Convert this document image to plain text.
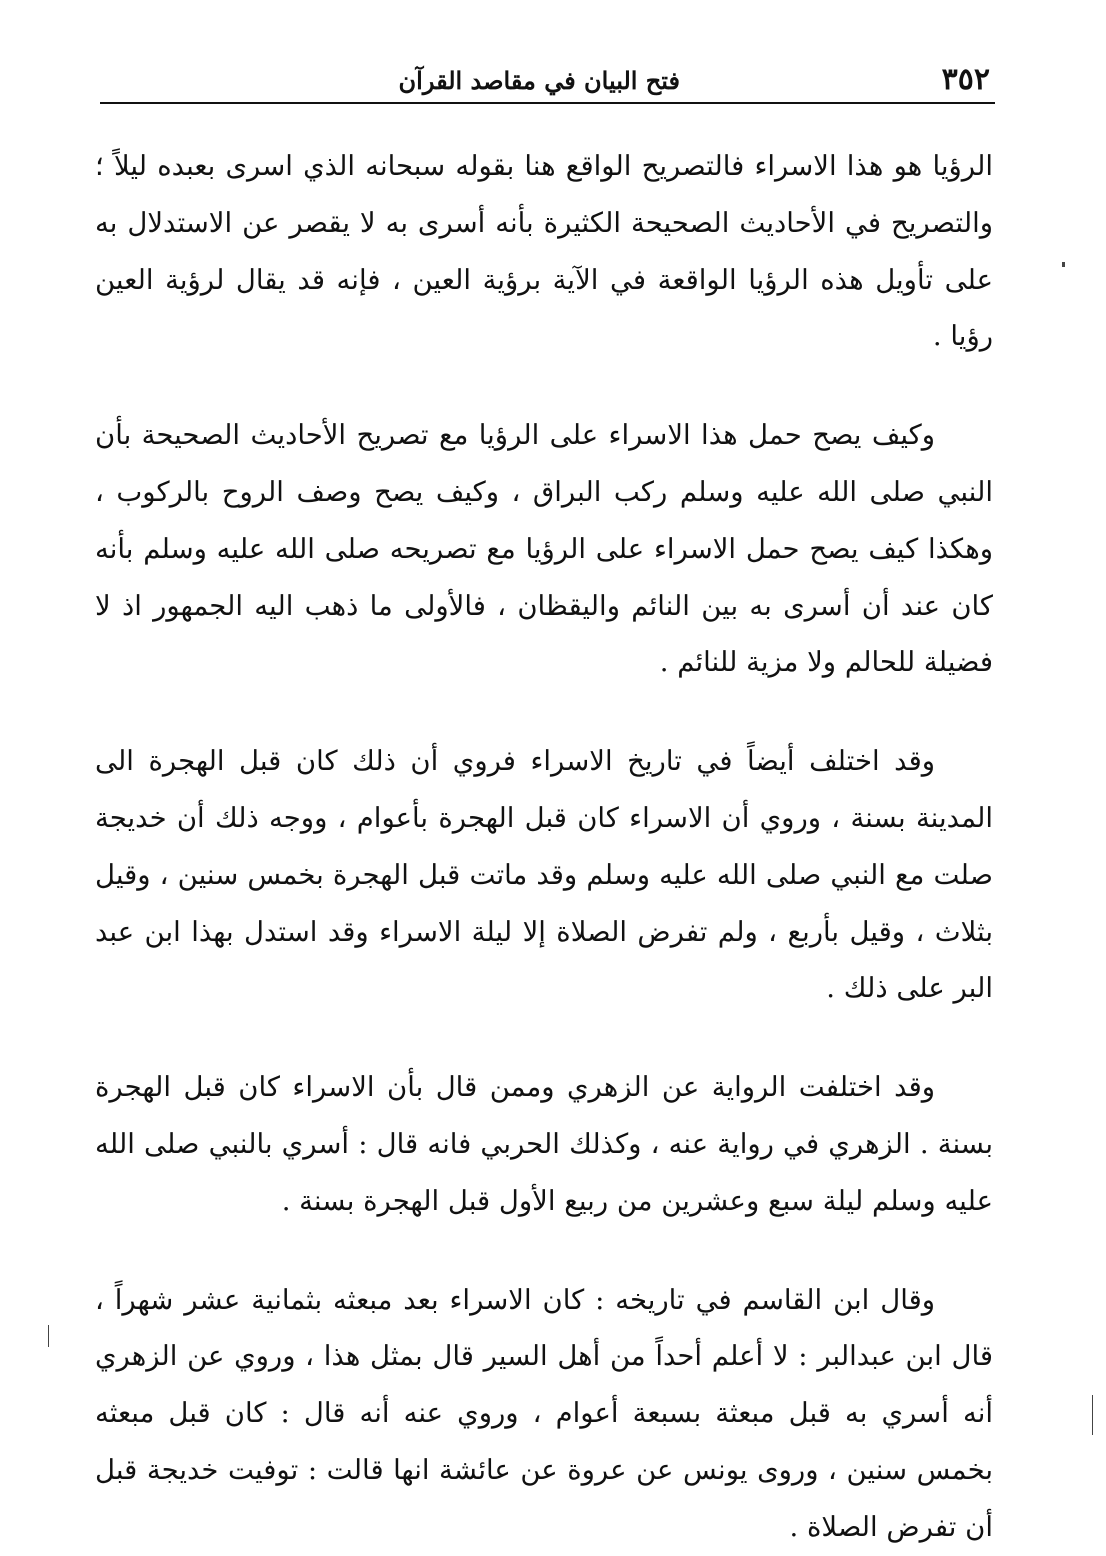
٣٥٢
فتح البيان في مقاصد القرآن

الرؤيا هو هذا الاسراء فالتصريح الواقع هنا بقوله سبحانه الذي اسرى بعبده ليلاً ؛ والتصريح في الأحاديث الصحيحة الكثيرة بأنه أسرى به لا يقصر عن الاستدلال به على تأويل هذه الرؤيا الواقعة في الآية برؤية العين ، فإنه قد يقال لرؤية العين رؤيا .

وكيف يصح حمل هذا الاسراء على الرؤيا مع تصريح الأحاديث الصحيحة بأن النبي صلى الله عليه وسلم ركب البراق ، وكيف يصح وصف الروح بالركوب ، وهكذا كيف يصح حمل الاسراء على الرؤيا مع تصريحه صلى الله عليه وسلم بأنه كان عند أن أسرى به بين النائم واليقظان ، فالأولى ما ذهب اليه الجمهور اذ لا فضيلة للحالم ولا مزية للنائم .

وقد اختلف أيضاً في تاريخ الاسراء فروي أن ذلك كان قبل الهجرة الى المدينة بسنة ، وروي أن الاسراء كان قبل الهجرة بأعوام ، ووجه ذلك أن خديجة صلت مع النبي صلى الله عليه وسلم وقد ماتت قبل الهجرة بخمس سنين ، وقيل بثلاث ، وقيل بأربع ، ولم تفرض الصلاة إلا ليلة الاسراء وقد استدل بهذا ابن عبد البر على ذلك .

وقد اختلفت الرواية عن الزهري وممن قال بأن الاسراء كان قبل الهجرة بسنة . الزهري في رواية عنه ، وكذلك الحربي فانه قال : أسري بالنبي صلى الله عليه وسلم ليلة سبع وعشرين من ربيع الأول قبل الهجرة بسنة .

وقال ابن القاسم في تاريخه : كان الاسراء بعد مبعثه بثمانية عشر شهراً ، قال ابن عبدالبر : لا أعلم أحداً من أهل السير قال بمثل هذا ، وروي عن الزهري أنه أسري به قبل مبعثة بسبعة أعوام ، وروي عنه أنه قال : كان قبل مبعثه بخمس سنين ، وروى يونس عن عروة عن عائشة انها قالت : توفيت خديجة قبل أن تفرض الصلاة .
